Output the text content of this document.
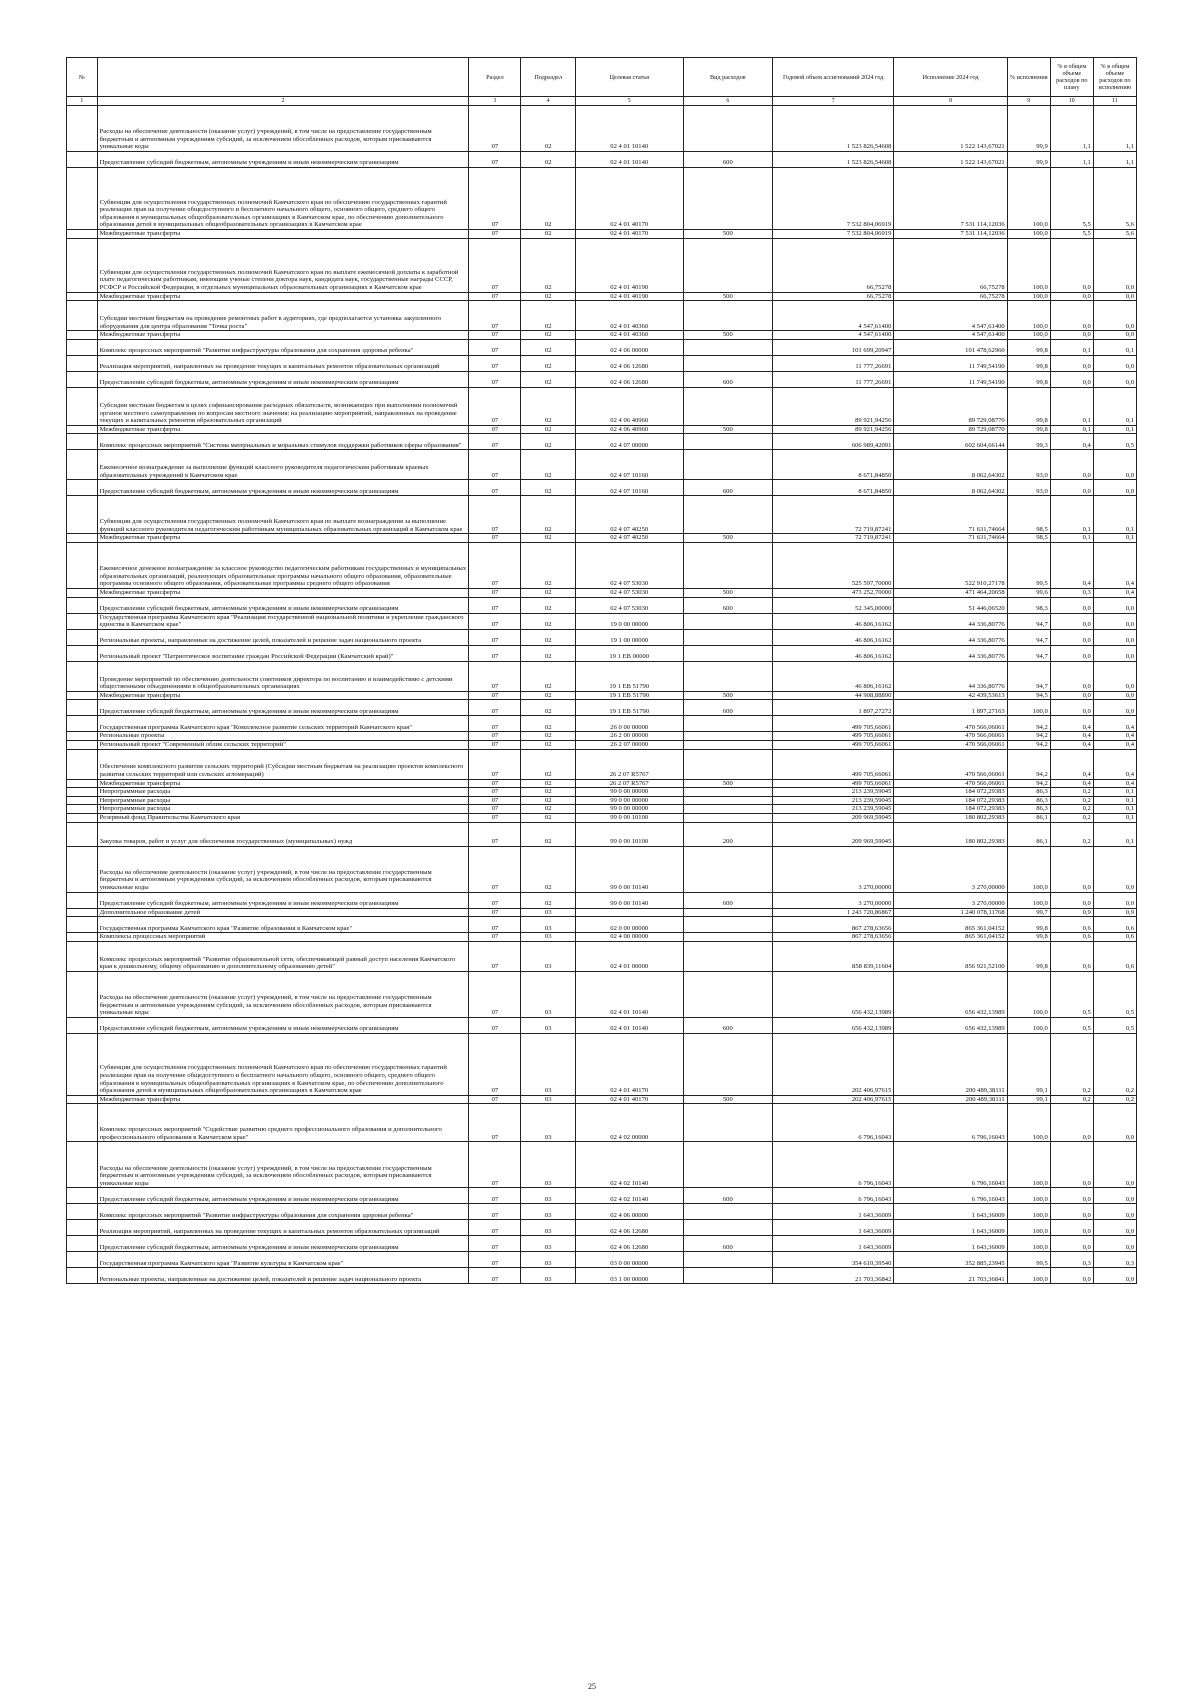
№		Раздел	Подраздел	Целевая статья	Вид расходов	Годовой объем ассигнований 2024 год	Исполнение 2024 год	% исполнения	% в общем объеме расходов по плану	% в общем объеме расходов по исполнению
1	2	3	4	5	6	7	8	9	10	11
	Расходы на обеспечение деятельности (оказание услуг) учреждений, в том числе на предоставление государственным бюджетным и автономным учреждениям субсидий, за исключением обособленных расходов, которым присваиваются уникальные коды	07	02	02 4 01 10140		1 523 826,54608	1 522 143,67021	99,9	1,1	1,1
	Предоставление субсидий бюджетным, автономным учреждениям и иным некоммерческим организациям	07	02	02 4 01 10140	600	1 523 826,54608	1 522 143,67021	99,9	1,1	1,1
	Субвенции для осуществления государственных полномочий Камчатского края по обеспечению государственных гарантий реализации прав на получение общедоступного и бесплатного начального общего, основного общего, среднего общего образования в муниципальных общеобразовательных организациях в Камчатском крае, по обеспечению дополнительного образования детей в муниципальных общеобразовательных организациях в Камчатском крае	07	02	02 4 01 40170		7 532 804,06919	7 531 114,12036	100,0	5,5	5,6
	Межбюджетные трансферты	07	02	02 4 01 40170	500	7 532 804,06919	7 531 114,12036	100,0	5,5	5,6
	Субвенции для осуществления государственных полномочий Камчатского края по выплате ежемесячной доплаты к заработной плате педагогическим работникам, имеющим ученые степени доктора наук, кандидата наук, государственные награды СССР, РСФСР и Российской Федерации, в отдельных муниципальных образовательных организациях в Камчатском крае	07	02	02 4 01 40190		66,75278	66,75278	100,0	0,0	0,0
	Межбюджетные трансферты	07	02	02 4 01 40190	500	66,75278	66,75278	100,0	0,0	0,0
	Субсидии местным бюджетам на проведение ремонтных работ в аудиториях, где предполагается установка закупленного оборудования для центра образования "Точка роста"	07	02	02 4 01 40360		4 547,61400	4 547,61400	100,0	0,0	0,0
	Межбюджетные трансферты	07	02	02 4 01 40360	500	4 547,61400	4 547,61400	100,0	0,0	0,0
	Комплекс процессных мероприятий "Развитие инфраструктуры образования для сохранения здоровья ребенка"	07	02	02 4 06 00000		101 699,20947	101 478,62960	99,8	0,1	0,1
	Реализация мероприятий, направленных на проведение текущих и капитальных ремонтов образовательных организаций	07	02	02 4 06 12680		11 777,26691	11 749,54190	99,8	0,0	0,0
	Предоставление субсидий бюджетным, автономным учреждениям и иным некоммерческим организациям	07	02	02 4 06 12680	600	11 777,26691	11 749,54190	99,8	0,0	0,0
	Субсидии местным бюджетам в целях софинансирования расходных обязательств, возникающих при выполнении полномочий органов местного самоуправления по вопросам местного значения: на реализацию мероприятий, направленных на проведение текущих и капитальных ремонтов образовательных организаций	07	02	02 4 06 40960		89 921,94256	89 729,08770	99,8	0,1	0,1
	Межбюджетные трансферты	07	02	02 4 06 40960	500	89 921,94256	89 729,08770	99,8	0,1	0,1
	Комплекс процессных мероприятий "Система материальных и моральных стимулов поддержки работников сферы образования"	07	02	02 4 07 00000		606 989,42091	602 604,66144	99,3	0,4	0,5
	Ежемесячное вознаграждение за выполнение функций классного руководителя педагогическим работникам краевых образовательных учреждений в Камчатском крае	07	02	02 4 07 10160		8 671,84850	8 062,64302	93,0	0,0	0,0
	Предоставление субсидий бюджетным, автономным учреждениям и иным некоммерческим организациям	07	02	02 4 07 10160	600	8 671,84850	8 062,64302	93,0	0,0	0,0
	Субвенции для осуществления государственных полномочий Камчатского края по выплате вознаграждения за выполнение функций классного руководителя педагогическим работникам муниципальных образовательных организаций в Камчатском крае	07	02	02 4 07 40250		72 719,87241	71 631,74664	98,5	0,1	0,1
	Межбюджетные трансферты	07	02	02 4 07 40250	500	72 719,87241	71 631,74664	98,5	0,1	0,1
	Ежемесячное денежное вознаграждение за классное руководство педагогическим работникам государственных и муниципальных образовательных организаций, реализующих образовательные программы начального общего образования, образовательные программы основного общего образования, образовательные программы среднего общего образования	07	02	02 4 07 53030		525 597,70000	522 910,27178	99,5	0,4	0,4
	Межбюджетные трансферты	07	02	02 4 07 53030	500	473 252,70000	471 464,20658	99,6	0,3	0,4
	Предоставление субсидий бюджетным, автономным учреждениям и иным некоммерческим организациям	07	02	02 4 07 53030	600	52 345,00000	51 446,06520	98,3	0,0	0,0
	Государственная программа Камчатского края "Реализация государственной национальной политики и укрепление гражданского единства в Камчатском крае"	07	02	19 0 00 00000		46 806,16162	44 336,80776	94,7	0,0	0,0
	Региональные проекты, направленные на достижение целей, показателей и решение задач национального проекта	07	02	19 1 00 00000		46 806,16162	44 336,80776	94,7	0,0	0,0
	Региональный проект "Патриотическое воспитание граждан Российской Федерации (Камчатский край)"	07	02	19 1 EB 00000		46 806,16162	44 336,80776	94,7	0,0	0,0
	Проведение мероприятий по обеспечению деятельности советников директора по воспитанию и взаимодействию с детскими общественными объединениями в общеобразовательных организациях	07	02	19 1 EB 51790		46 806,16162	44 336,80776	94,7	0,0	0,0
	Межбюджетные трансферты	07	02	19 1 EB 51790	500	44 908,88890	42 439,53613	94,5	0,0	0,0
	Предоставление субсидий бюджетным, автономным учреждениям и иным некоммерческим организациям	07	02	19 1 EB 51790	600	1 897,27272	1 897,27163	100,0	0,0	0,0
	Государственная программа Камчатского края "Комплексное развитие сельских территорий Камчатского края"	07	02	26 0 00 00000		499 705,66061	470 566,06061	94,2	0,4	0,4
	Региональные проекты	07	02	26 2 00 00000		499 705,66061	470 566,06061	94,2	0,4	0,4
	Региональный проект "Современный облик сельских территорий"	07	02	26 2 07 00000		499 705,66061	470 566,06061	94,2	0,4	0,4
	Обеспечение комплексного развития сельских территорий (Субсидии местным бюджетам на реализацию проектов комплексного развития сельских территорий или сельских агломераций)	07	02	26 2 07 R5767		499 705,66061	470 566,06061	94,2	0,4	0,4
	Межбюджетные трансферты	07	02	26 2 07 R5767	500	499 705,66061	470 566,06061	94,2	0,4	0,4
	Непрограммные расходы	07	02	99 0 00 00000		213 239,59045	184 072,29383	86,3	0,2	0,1
	Непрограммные расходы	07	02	99 0 00 00000		213 239,59045	184 072,29383	86,3	0,2	0,1
	Непрограммные расходы	07	02	99 0 00 00000		213 239,59045	184 072,29383	86,3	0,2	0,1
	Резервный фонд Правительства Камчатского края	07	02	99 0 00 10100		209 969,59045	180 802,29383	86,1	0,2	0,1
	Закупка товаров, работ и услуг для обеспечения государственных (муниципальных) нужд	07	02	99 0 00 10100	200	209 969,59045	180 802,29383	86,1	0,2	0,1
	Расходы на обеспечение деятельности (оказание услуг) учреждений, в том числе на предоставление государственным бюджетным и автономным учреждениям субсидий, за исключением обособленных расходов, которым присваиваются уникальные коды	07	02	99 0 00 10140		3 270,00000	3 270,00000	100,0	0,0	0,0
	Предоставление субсидий бюджетным, автономным учреждениям и иным некоммерческим организациям	07	02	99 0 00 10140	600	3 270,00000	3 270,00000	100,0	0,0	0,0
	Дополнительное образование детей	07	03			1 243 720,86867	1 240 078,11768	99,7	0,9	0,9
	Государственная программа Камчатского края "Развитие образования в Камчатском крае"	07	03	02 0 00 00000		867 278,63656	865 361,04152	99,8	0,6	0,6
	Комплексы процессных мероприятий	07	03	02 4 00 00000		867 278,63656	865 361,04152	99,8	0,6	0,6
	Комплекс процессных мероприятий "Развитие образовательной сети, обеспечивающей равный доступ населения Камчатского края к дошкольному, общему образованию и дополнительному образованию детей"	07	03	02 4 01 00000		858 839,11604	856 921,52100	99,8	0,6	0,6
	Расходы на обеспечение деятельности (оказание услуг) учреждений, в том числе на предоставление государственным бюджетным и автономным учреждениям субсидий, за исключением обособленных расходов, которым присваиваются уникальные коды	07	03	02 4 01 10140		656 432,13989	656 432,13989	100,0	0,5	0,5
	Предоставление субсидий бюджетным, автономным учреждениям и иным некоммерческим организациям	07	03	02 4 01 10140	600	656 432,13989	656 432,13989	100,0	0,5	0,5
	Субвенции для осуществления государственных полномочий Камчатского края по обеспечению государственных гарантий реализации прав на получение общедоступного и бесплатного начального общего, основного общего, среднего общего образования в муниципальных общеобразовательных организациях в Камчатском крае, по обеспечению дополнительного образования детей в муниципальных общеобразовательных организациях в Камчатском крае	07	03	02 4 01 40170		202 406,97615	200 489,38111	99,1	0,2	0,2
	Межбюджетные трансферты	07	03	02 4 01 40170	500	202 406,97615	200 489,38111	99,1	0,2	0,2
	Комплекс процессных мероприятий "Содействие развитию среднего профессионального образования и дополнительного профессионального образования в Камчатском крае"	07	03	02 4 02 00000		6 796,16043	6 796,16043	100,0	0,0	0,0
	Расходы на обеспечение деятельности (оказание услуг) учреждений, в том числе на предоставление государственным бюджетным и автономным учреждениям субсидий, за исключением обособленных расходов, которым присваиваются уникальные коды	07	03	02 4 02 10140		6 796,16043	6 796,16043	100,0	0,0	0,0
	Предоставление субсидий бюджетным, автономным учреждениям и иным некоммерческим организациям	07	03	02 4 02 10140	600	6 796,16043	6 796,16043	100,0	0,0	0,0
	Комплекс процессных мероприятий "Развитие инфраструктуры образования для сохранения здоровья ребенка"	07	03	02 4 06 00000		1 643,36009	1 643,36009	100,0	0,0	0,0
	Реализация мероприятий, направленных на проведение текущих и капитальных ремонтов образовательных организаций	07	03	02 4 06 12680		1 643,36009	1 643,36009	100,0	0,0	0,0
	Предоставление субсидий бюджетным, автономным учреждениям и иным некоммерческим организациям	07	03	02 4 06 12680	600	1 643,36009	1 643,36009	100,0	0,0	0,0
	Государственная программа Камчатского края "Развитие культуры в Камчатском крае"	07	03	03 0 00 00000		354 610,39540	352 885,23945	99,5	0,3	0,3
	Региональные проекты, направленные на достижение целей, показателей и решение задач национального проекта	07	03	03 1 00 00000		21 703,36842	21 703,36841	100,0	0,0	0,0
25
